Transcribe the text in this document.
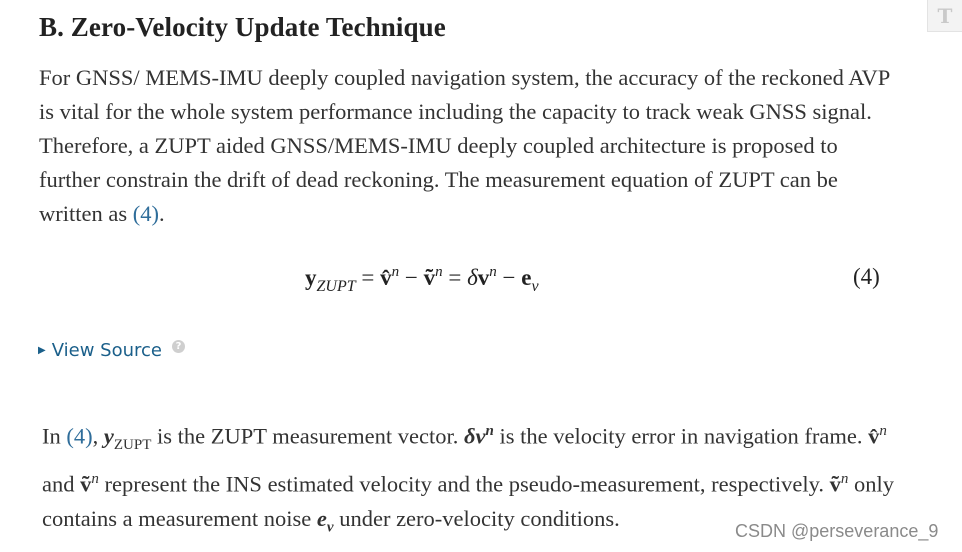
B. Zero-Velocity Update Technique

For GNSS/ MEMS-IMU deeply coupled navigation system, the accuracy of the reckoned AVP is vital for the whole system performance including the capacity to track weak GNSS signal. Therefore, a ZUPT aided GNSS/MEMS-IMU deeply coupled architecture is proposed to further constrain the drift of dead reckoning. The measurement equation of ZUPT can be written as (4).

$y_{ZUPT}$ = v̂$^n$ − ṽ$^n$ = $\delta v^n - e_v$	(4)
▶ View Source	?

In (4), $y_{ZUPT}$ is the ZUPT measurement vector. $\delta v^n$ is the velocity error in navigation frame. v̂$^n$ and ṽ$^n$ represent the INS estimated velocity and the pseudo-measurement, respectively. ṽ$^n$ only contains a measurement noise $e_v$ under zero-velocity conditions.

T
CSDN @perseverance_9
